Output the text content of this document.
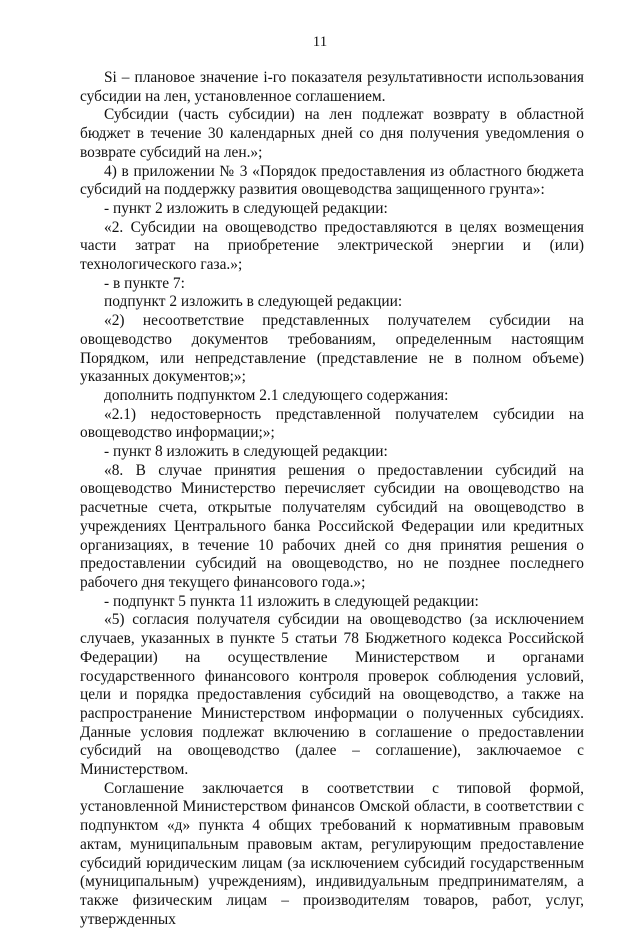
11

Si – плановое значение i-го показателя результативности использования субсидии на лен, установленное соглашением.

Субсидии (часть субсидии) на лен подлежат возврату в областной бюджет в течение 30 календарных дней со дня получения уведомления о возврате субсидий на лен.»;

4) в приложении № 3 «Порядок предоставления из областного бюджета субсидий на поддержку развития овощеводства защищенного грунта»:

- пункт 2 изложить в следующей редакции:

«2. Субсидии на овощеводство предоставляются в целях возмещения части затрат на приобретение электрической энергии и (или) технологического газа.»;

- в пункте 7:

подпункт 2 изложить в следующей редакции:

«2) несоответствие представленных получателем субсидии на овощеводство документов требованиям, определенным настоящим Порядком, или непредставление (представление не в полном объеме) указанных документов;»;

дополнить подпунктом 2.1 следующего содержания:

«2.1) недостоверность представленной получателем субсидии на овощеводство информации;»;

- пункт 8 изложить в следующей редакции:

«8. В случае принятия решения о предоставлении субсидий на овощеводство Министерство перечисляет субсидии на овощеводство на расчетные счета, открытые получателям субсидий на овощеводство в учреждениях Центрального банка Российской Федерации или кредитных организациях, в течение 10 рабочих дней со дня принятия решения о предоставлении субсидий на овощеводство, но не позднее последнего рабочего дня текущего финансового года.»;

- подпункт 5 пункта 11 изложить в следующей редакции:

«5) согласия получателя субсидии на овощеводство (за исключением случаев, указанных в пункте 5 статьи 78 Бюджетного кодекса Российской Федерации) на осуществление Министерством и органами государственного финансового контроля проверок соблюдения условий, цели и порядка предоставления субсидий на овощеводство, а также на распространение Министерством информации о полученных субсидиях. Данные условия подлежат включению в соглашение о предоставлении субсидий на овощеводство (далее – соглашение), заключаемое с Министерством.

Соглашение заключается в соответствии с типовой формой, установленной Министерством финансов Омской области, в соответствии с подпунктом «д» пункта 4 общих требований к нормативным правовым актам, муниципальным правовым актам, регулирующим предоставление субсидий юридическим лицам (за исключением субсидий государственным (муниципальным) учреждениям), индивидуальным предпринимателям, а также физическим лицам – производителям товаров, работ, услуг, утвержденных
